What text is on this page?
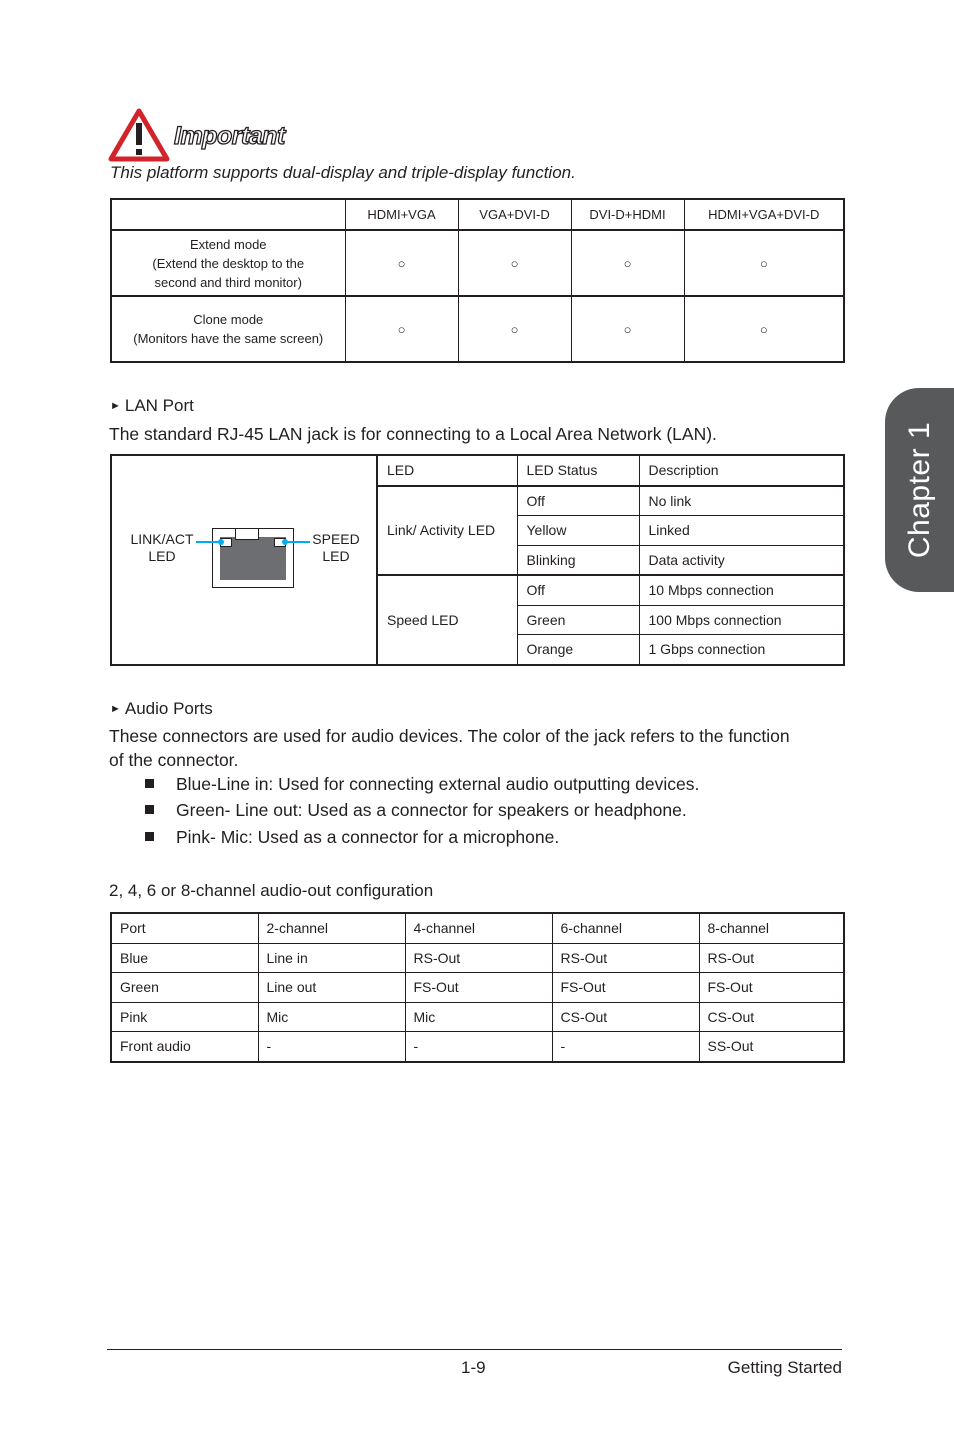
Chapter 1
Important
This platform supports dual-display and triple-display function.
	HDMI+VGA	VGA+DVI-D	DVI-D+HDMI	HDMI+VGA+DVI-D

Extend mode
(Extend the desktop to the
second and third monitor)	○	○	○	○

Clone mode
(Monitors have the same screen)	○	○	○	○
► LAN Port
The standard RJ-45 LAN jack is for connecting to a Local Area Network (LAN).
LINK/ACT
LED
SPEED
LED	LED	LED Status	Description
	Link/ Activity LED	Off	No link
		Yellow	Linked
		Blinking	Data activity
	Speed LED	Off	10 Mbps connection
		Green	100 Mbps connection
		Orange	1 Gbps connection
► Audio Ports
These connectors are used for audio devices. The color of the jack refers to the function of the connector.
Blue-Line in: Used for connecting external audio outputting devices.
Green- Line out: Used as a connector for speakers or headphone.
Pink- Mic: Used as a connector for a microphone.
2, 4, 6 or 8-channel audio-out configuration
Port	2-channel	4-channel	6-channel	8-channel
Blue	Line in	RS-Out	RS-Out	RS-Out
Green	Line out	FS-Out	FS-Out	FS-Out
Pink	Mic	Mic	CS-Out	CS-Out
Front audio	-	-	-	SS-Out
1-9	Getting Started
